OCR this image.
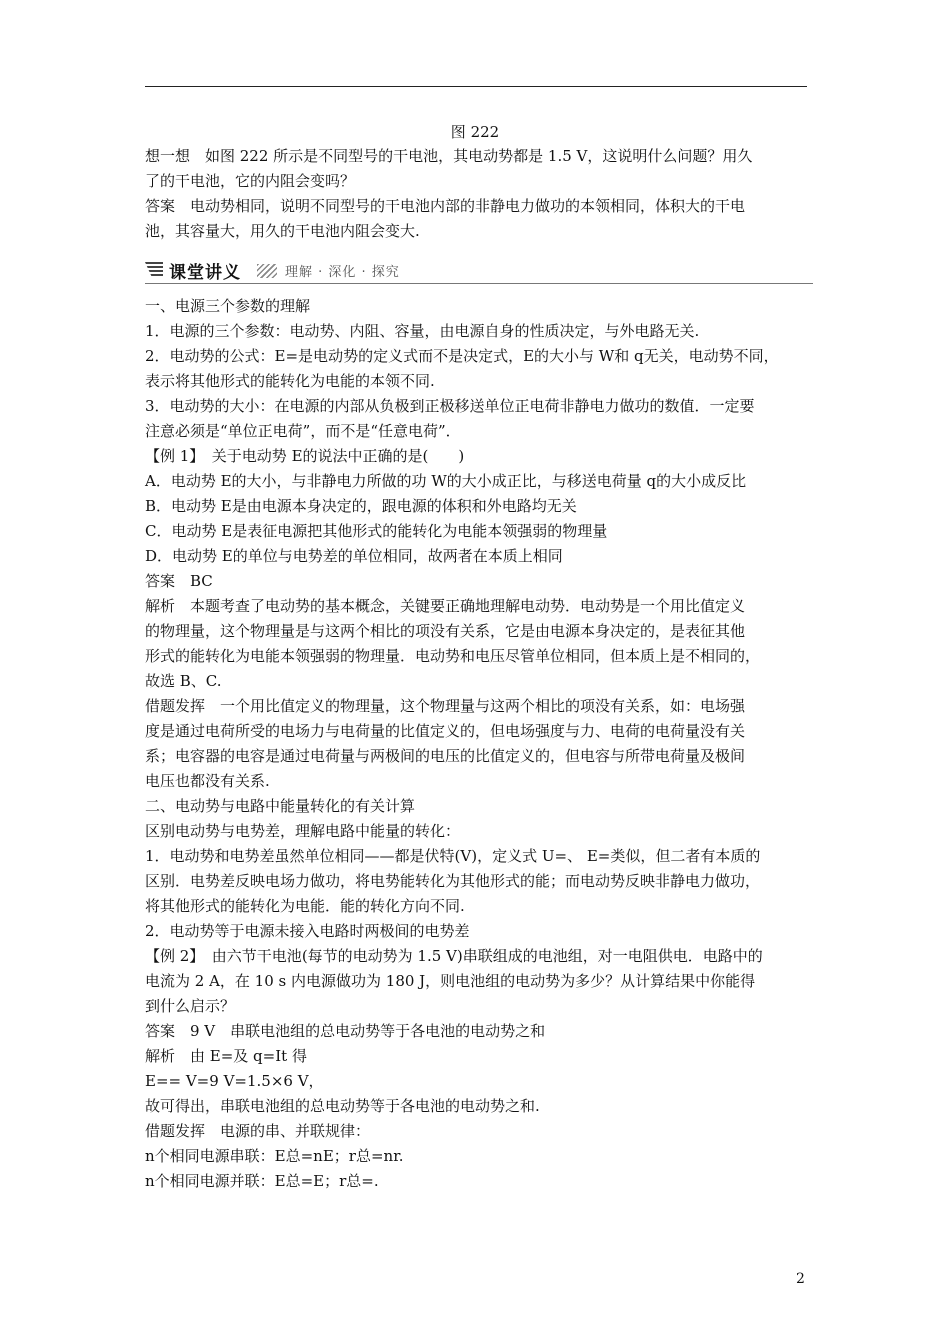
图 222
想一想　如图 222 所示是不同型号的干电池，其电动势都是 1.5 V，这说明什么问题？用久
了的干电池，它的内阻会变吗？
答案　电动势相同，说明不同型号的干电池内部的非静电力做功的本领相同，体积大的干电
池，其容量大，用久的干电池内阻会变大.
课堂讲义	理解 · 深化 · 探究
一、电源三个参数的理解
1．电源的三个参数：电动势、内阻、容量，由电源自身的性质决定，与外电路无关.
2．电动势的公式：E=是电动势的定义式而不是决定式，E的大小与 W和 q无关，电动势不同，
表示将其他形式的能转化为电能的本领不同.
3．电动势的大小：在电源的内部从负极到正极移送单位正电荷非静电力做功的数值．一定要
注意必须是“单位正电荷”，而不是“任意电荷”．
【例 1】　关于电动势 E的说法中正确的是(　　)
A．电动势 E的大小，与非静电力所做的功 W的大小成正比，与移送电荷量 q的大小成反比
B．电动势 E是由电源本身决定的，跟电源的体积和外电路均无关
C．电动势 E是表征电源把其他形式的能转化为电能本领强弱的物理量
D．电动势 E的单位与电势差的单位相同，故两者在本质上相同
答案　BC
解析　本题考查了电动势的基本概念，关键要正确地理解电动势．电动势是一个用比值定义
的物理量，这个物理量是与这两个相比的项没有关系，它是由电源本身决定的，是表征其他
形式的能转化为电能本领强弱的物理量．电动势和电压尽管单位相同，但本质上是不相同的，
故选 B、C.
借题发挥　一个用比值定义的物理量，这个物理量与这两个相比的项没有关系，如：电场强
度是通过电荷所受的电场力与电荷量的比值定义的，但电场强度与力、电荷的电荷量没有关
系；电容器的电容是通过电荷量与两极间的电压的比值定义的，但电容与所带电荷量及极间
电压也都没有关系.
二、电动势与电路中能量转化的有关计算
区别电动势与电势差，理解电路中能量的转化：
1．电动势和电势差虽然单位相同——都是伏特(V)，定义式 U=、 E=类似，但二者有本质的
区别．电势差反映电场力做功，将电势能转化为其他形式的能；而电动势反映非静电力做功，
将其他形式的能转化为电能．能的转化方向不同.
2．电动势等于电源未接入电路时两极间的电势差
【例 2】　由六节干电池(每节的电动势为 1.5 V)串联组成的电池组，对一电阻供电．电路中的
电流为 2 A，在 10 s 内电源做功为 180 J，则电池组的电动势为多少？从计算结果中你能得
到什么启示？
答案　9 V　串联电池组的总电动势等于各电池的电动势之和
解析　由 E=及 q=It 得
E== V=9 V=1.5×6 V，
故可得出，串联电池组的总电动势等于各电池的电动势之和.
借题发挥　电源的串、并联规律：
n个相同电源串联：E总=nE；r总=nr.
n个相同电源并联：E总=E；r总=.
2
